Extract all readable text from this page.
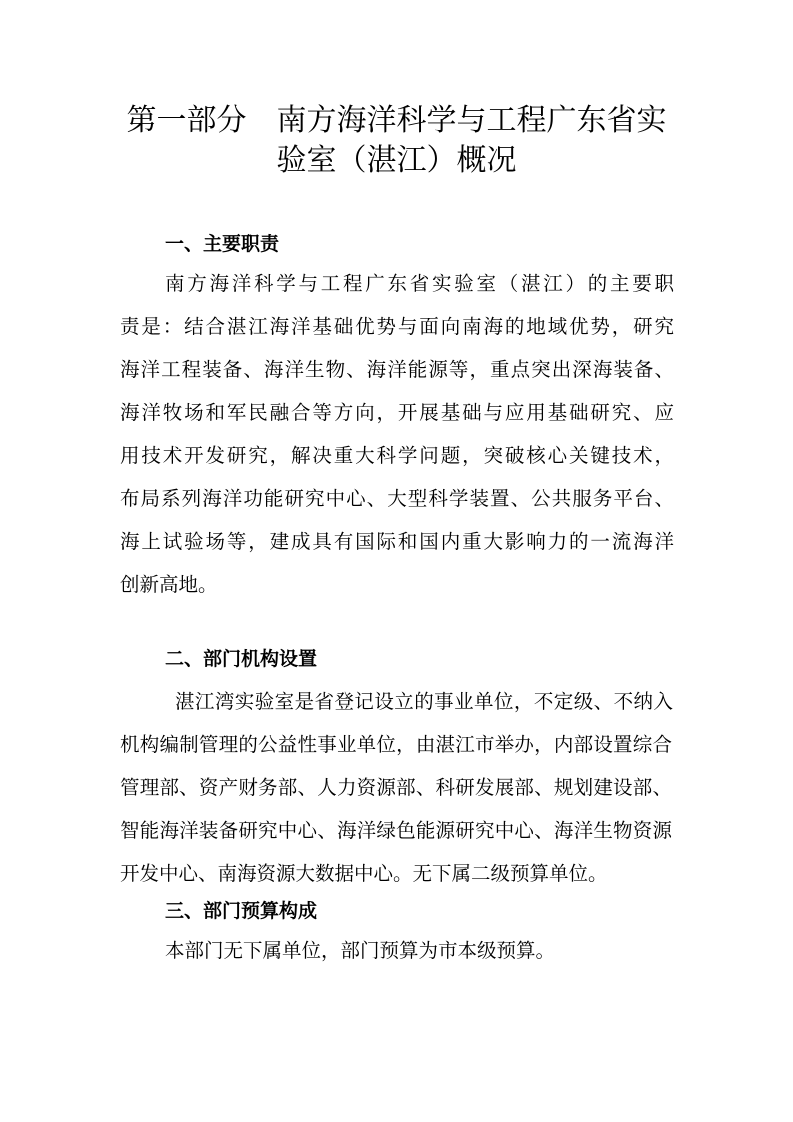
第一部分　南方海洋科学与工程广东省实
验室（湛江）概况
一、主要职责
南方海洋科学与工程广东省实验室（湛江）的主要职
责是：结合湛江海洋基础优势与面向南海的地域优势，研究
海洋工程装备、海洋生物、海洋能源等，重点突出深海装备、
海洋牧场和军民融合等方向，开展基础与应用基础研究、应
用技术开发研究，解决重大科学问题，突破核心关键技术，
布局系列海洋功能研究中心、大型科学装置、公共服务平台、
海上试验场等，建成具有国际和国内重大影响力的一流海洋
创新高地。
二、部门机构设置
湛江湾实验室是省登记设立的事业单位，不定级、不纳入
机构编制管理的公益性事业单位，由湛江市举办，内部设置综合
管理部、资产财务部、人力资源部、科研发展部、规划建设部、
智能海洋装备研究中心、海洋绿色能源研究中心、海洋生物资源
开发中心、南海资源大数据中心。无下属二级预算单位。
三、部门预算构成
本部门无下属单位，部门预算为市本级预算。
